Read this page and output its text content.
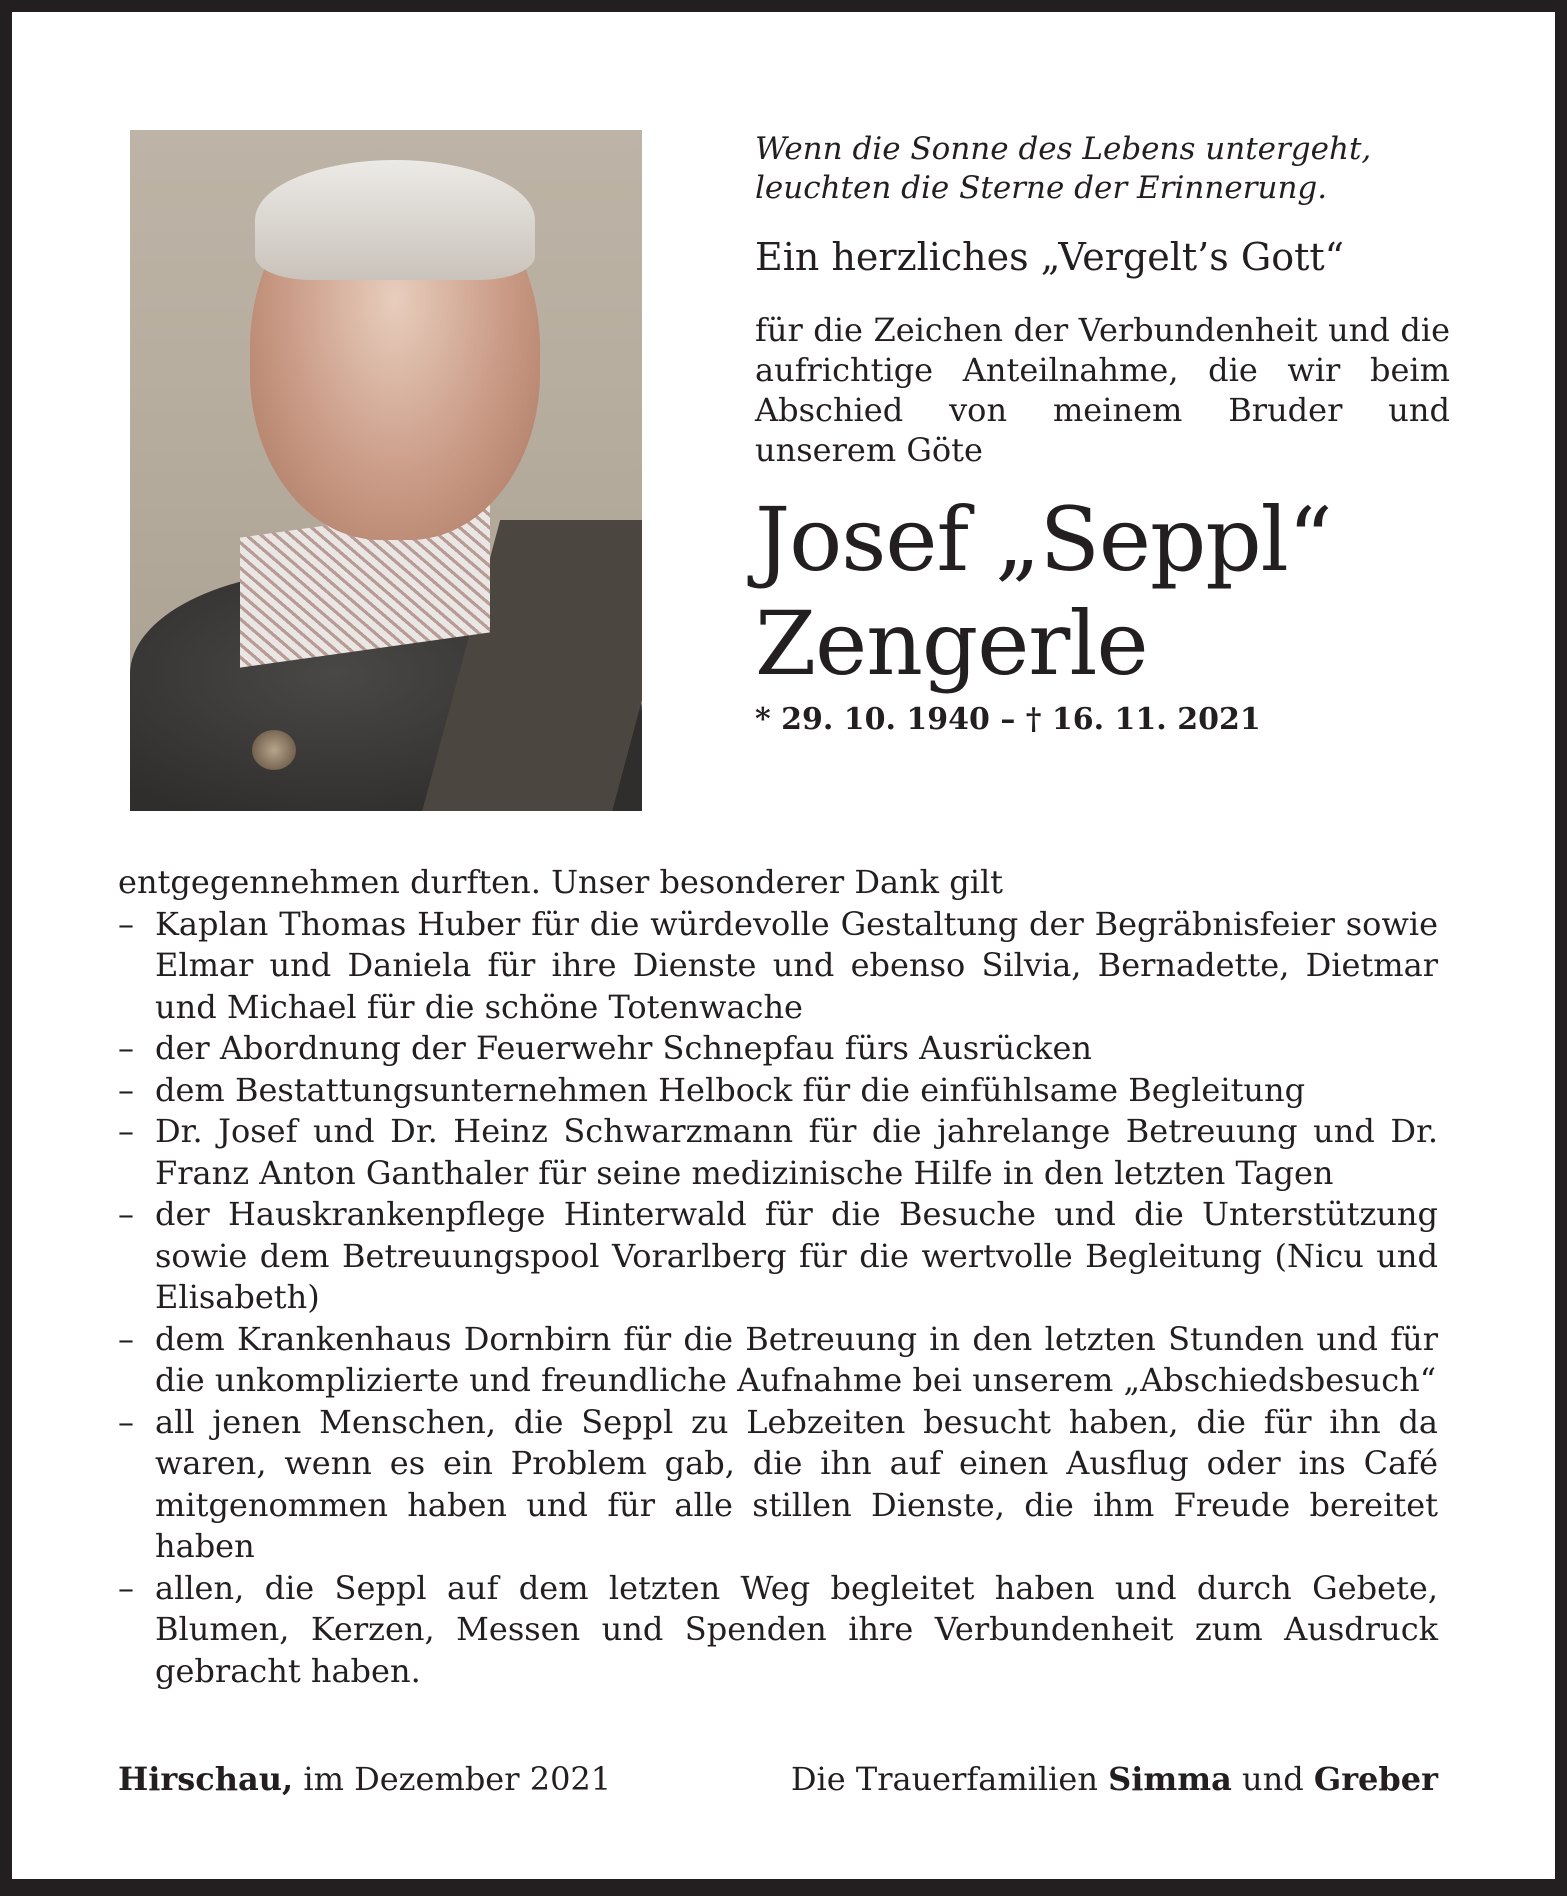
Wenn die Sonne des Lebens untergeht,
leuchten die Sterne der Erinnerung.

Ein herzliches „Vergelt’s Gott“
für die Zeichen der Verbundenheit und die aufrichtige Anteilnahme, die wir beim Abschied von meinem Bruder und unserem Göte
Josef „Seppl“
Zengerle
* 29. 10. 1940 – † 16. 11. 2021

entgegennehmen durften. Unser besonderer Dank gilt

– Kaplan Thomas Huber für die würdevolle Gestaltung der Begräbnisfeier sowie Elmar und Daniela für ihre Dienste und ebenso Silvia, Bernadette, Dietmar und Michael für die schöne Totenwache
– der Abordnung der Feuerwehr Schnepfau fürs Ausrücken
– dem Bestattungsunternehmen Helbock für die einfühlsame Begleitung
– Dr. Josef und Dr. Heinz Schwarzmann für die jahrelange Betreuung und Dr. Franz Anton Ganthaler für seine medizinische Hilfe in den letzten Tagen
– der Hauskrankenpflege Hinterwald für die Besuche und die Unterstützung sowie dem Betreuungspool Vorarlberg für die wertvolle Begleitung (Nicu und Elisabeth)
– dem Krankenhaus Dornbirn für die Betreuung in den letzten Stunden und für die unkomplizierte und freundliche Aufnahme bei unserem „Abschiedsbesuch“
– all jenen Menschen, die Seppl zu Lebzeiten besucht haben, die für ihn da waren, wenn es ein Problem gab, die ihn auf einen Ausflug oder ins Café mitgenommen haben und für alle stillen Dienste, die ihm Freude bereitet haben
– allen, die Seppl auf dem letzten Weg begleitet haben und durch Gebete, Blumen, Kerzen, Messen und Spenden ihre Verbundenheit zum Ausdruck gebracht haben.
Hirschau, im Dezember 2021	Die Trauerfamilien Simma und Greber
